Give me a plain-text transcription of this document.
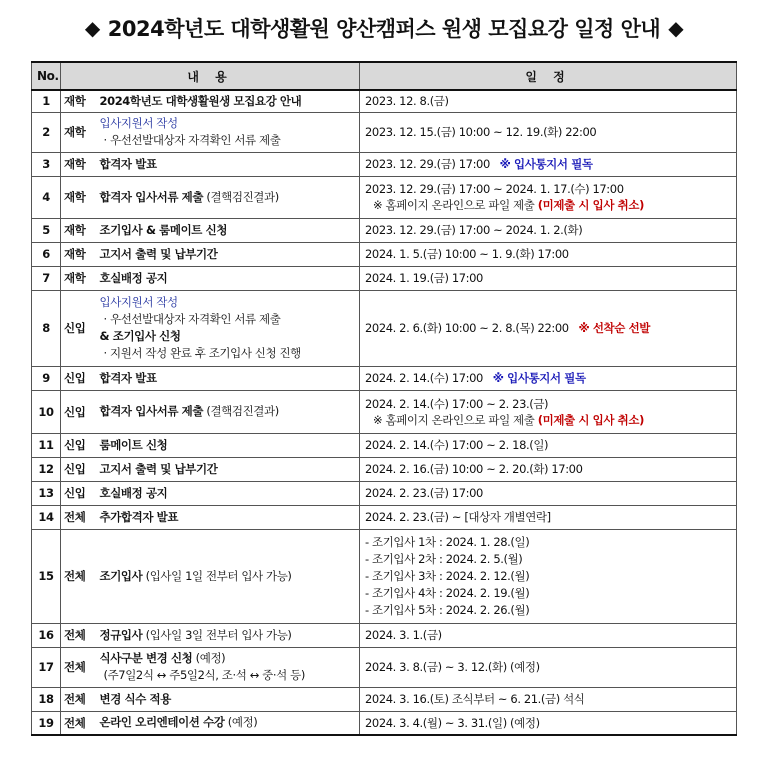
◆ 2024학년도 대학생활원 양산캠퍼스 원생 모집요강 일정 안내 ◆
No.	내 용		일 정
1	재학	2024학년도 대학생활원생 모집요강 안내	2023. 12. 8.(금)
2	재학	입사지원서 작성
· 우선선발대상자 자격확인 서류 제출	2023. 12. 15.(금) 10:00 ~ 12. 19.(화) 22:00
3	재학	합격자 발표	2023. 12. 29.(금) 17:00 ※ 입사통지서 필독
4	재학	합격자 입사서류 제출 (결핵검진결과)	2023. 12. 29.(금) 17:00 ~ 2024. 1. 17.(수) 17:00
※ 홈페이지 온라인으로 파일 제출 (미제출 시 입사 취소)

5	재학	조기입사 & 룸메이트 신청	2023. 12. 29.(금) 17:00 ~ 2024. 1. 2.(화)
6	재학	고지서 출력 및 납부기간	2024. 1. 5.(금) 10:00 ~ 1. 9.(화) 17:00
7	재학	호실배정 공지	2024. 1. 19.(금) 17:00
8	신입	입사지원서 작성
· 우선선발대상자 자격확인 서류 제출
& 조기입사 신청
· 지원서 작성 완료 후 조기입사 신청 진행	2024. 2. 6.(화) 10:00 ~ 2. 8.(목) 22:00 ※ 선착순 선발
9	신입	합격자 발표	2024. 2. 14.(수) 17:00 ※ 입사통지서 필독
10	신입	합격자 입사서류 제출 (결핵검진결과)	2024. 2. 14.(수) 17:00 ~ 2. 23.(금)
※ 홈페이지 온라인으로 파일 제출 (미제출 시 입사 취소)

11	신입	룸메이트 신청	2024. 2. 14.(수) 17:00 ~ 2. 18.(일)
12	신입	고지서 출력 및 납부기간	2024. 2. 16.(금) 10:00 ~ 2. 20.(화) 17:00
13	신입	호실배정 공지	2024. 2. 23.(금) 17:00
14	전체	추가합격자 발표	2024. 2. 23.(금) ~ [대상자 개별연락]
15	전체	조기입사 (입사일 1일 전부터 입사 가능)	- 조기입사 1차 : 2024. 1. 28.(일)
- 조기입사 2차 : 2024. 2. 5.(월)
- 조기입사 3차 : 2024. 2. 12.(월)
- 조기입사 4차 : 2024. 2. 19.(월)
- 조기입사 5차 : 2024. 2. 26.(월)

16	전체	정규입사 (입사일 3일 전부터 입사 가능)	2024. 3. 1.(금)
17	전체	식사구분 변경 신청 (예정)
(주7일2식 ↔ 주5일2식, 조·석 ↔ 중·석 등)	2024. 3. 8.(금) ~ 3. 12.(화) (예정)
18	전체	변경 식수 적용	2024. 3. 16.(토) 조식부터 ~ 6. 21.(금) 석식
19	전체	온라인 오리엔테이션 수강 (예정)	2024. 3. 4.(월) ~ 3. 31.(일) (예정)
